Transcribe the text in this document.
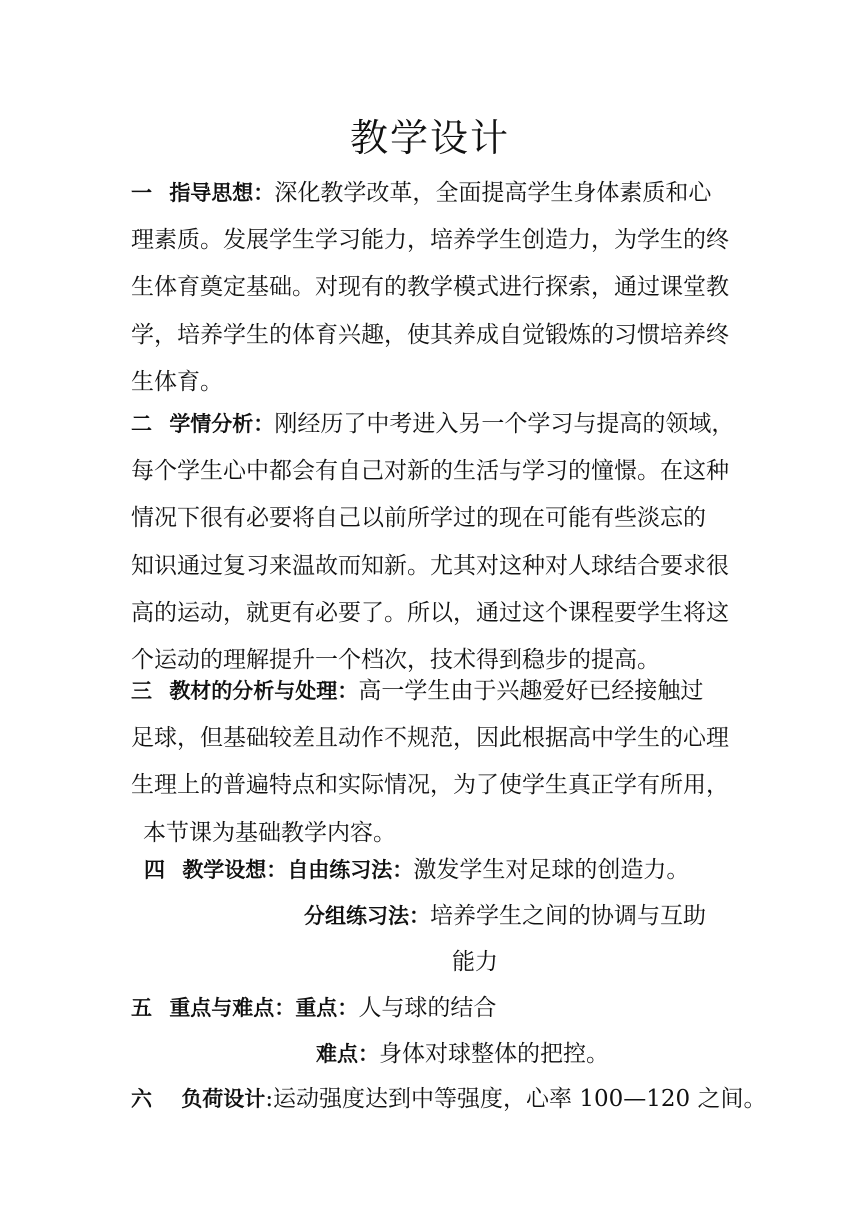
教学设计
一 指导思想：深化教学改革，全面提高学生身体素质和心
理素质。发展学生学习能力，培养学生创造力，为学生的终
生体育奠定基础。对现有的教学模式进行探索，通过课堂教
学，培养学生的体育兴趣，使其养成自觉锻炼的习惯培养终
生体育。
二 学情分析：刚经历了中考进入另一个学习与提高的领域，
每个学生心中都会有自己对新的生活与学习的憧憬。在这种
情况下很有必要将自己以前所学过的现在可能有些淡忘的
知识通过复习来温故而知新。尤其对这种对人球结合要求很
高的运动，就更有必要了。所以，通过这个课程要学生将这
个运动的理解提升一个档次，技术得到稳步的提高。
三 教材的分析与处理：高一学生由于兴趣爱好已经接触过
足球，但基础较差且动作不规范，因此根据高中学生的心理
生理上的普遍特点和实际情况，为了使学生真正学有所用，
本节课为基础教学内容。
四 教学设想：自由练习法：激发学生对足球的创造力。
分组练习法：培养学生之间的协调与互助
能力
五 重点与难点：重点：人与球的结合
难点：身体对球整体的把控。
六 负荷设计:运动强度达到中等强度，心率 100—120 之间。
